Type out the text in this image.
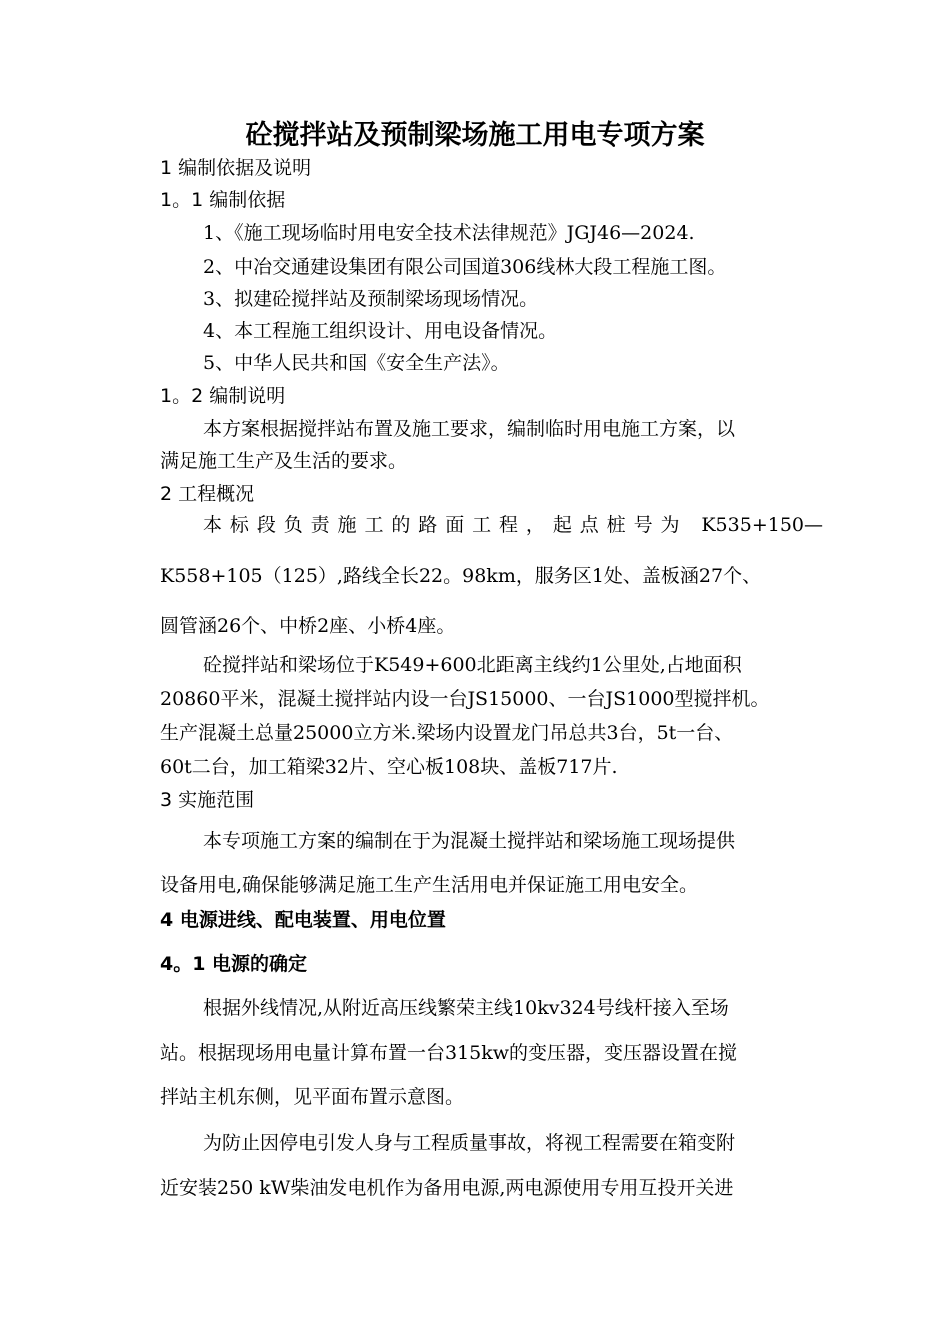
砼搅拌站及预制梁场施工用电专项方案
1 编制依据及说明
1。1 编制依据
1、《施工现场临时用电安全技术法律规范》JGJ46—2024.
2、中冶交通建设集团有限公司国道306线林大段工程施工图。
3、拟建砼搅拌站及预制梁场现场情况。
4、本工程施工组织设计、用电设备情况。
5、中华人民共和国《安全生产法》。
1。2 编制说明
本方案根据搅拌站布置及施工要求，编制临时用电施工方案，以
满足施工生产及生活的要求。
2 工程概况
本标段负责施工的路面工程，起点桩号为 K535+150—
K558+105（125）,路线全长22。98km，服务区1处、盖板涵27个、
圆管涵26个、中桥2座、小桥4座。
砼搅拌站和梁场位于K549+600北距离主线约1公里处,占地面积
20860平米，混凝土搅拌站内设一台JS15000、一台JS1000型搅拌机。
生产混凝土总量25000立方米.梁场内设置龙门吊总共3台，5t一台、
60t二台，加工箱梁32片、空心板108块、盖板717片.
3 实施范围
本专项施工方案的编制在于为混凝土搅拌站和梁场施工现场提供
设备用电,确保能够满足施工生产生活用电并保证施工用电安全。
4 电源进线、配电装置、用电位置
4。1 电源的确定
根据外线情况,从附近高压线繁荣主线10kv324号线杆接入至场
站。根据现场用电量计算布置一台315kw的变压器，变压器设置在搅
拌站主机东侧，见平面布置示意图。
为防止因停电引发人身与工程质量事故，将视工程需要在箱变附
近安装250 kW柴油发电机作为备用电源,两电源使用专用互投开关进
